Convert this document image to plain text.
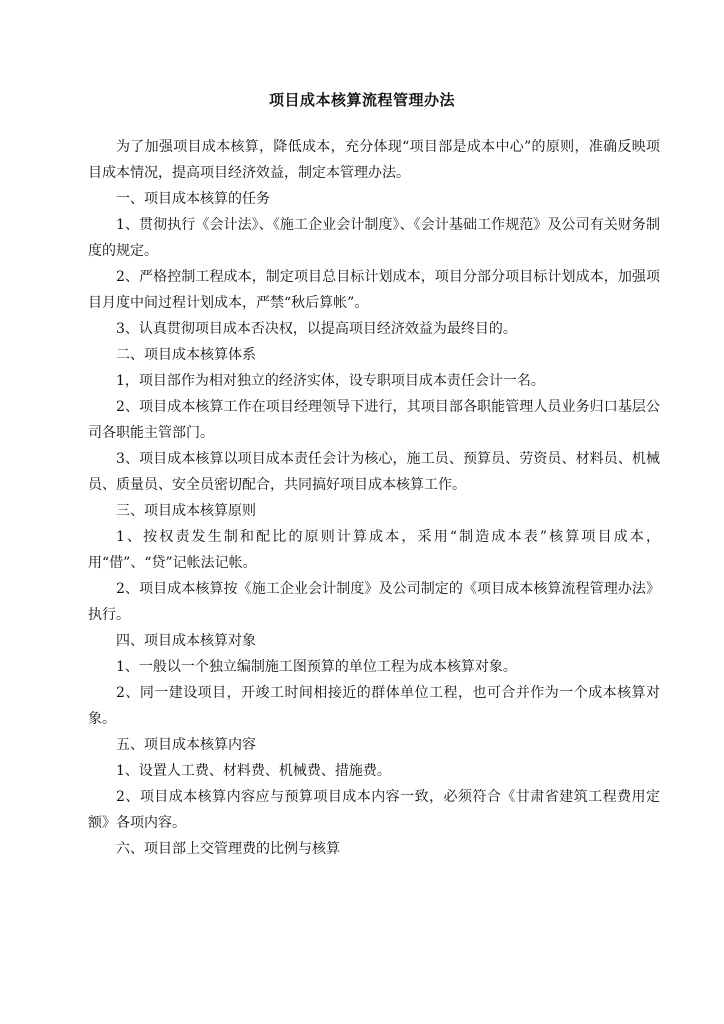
项目成本核算流程管理办法

为了加强项目成本核算，降低成本，充分体现“项目部是成本中心”的原则，准确反映项目成本情况，提高项目经济效益，制定本管理办法。

一、项目成本核算的任务

1、贯彻执行《会计法》、《施工企业会计制度》、《会计基础工作规范》及公司有关财务制度的规定。

2、严格控制工程成本，制定项目总目标计划成本，项目分部分项目标计划成本，加强项目月度中间过程计划成本，严禁“秋后算帐”。

3、认真贯彻项目成本否决权，以提高项目经济效益为最终目的。

二、项目成本核算体系

1，项目部作为相对独立的经济实体，设专职项目成本责任会计一名。

2、项目成本核算工作在项目经理领导下进行，其项目部各职能管理人员业务归口基层公司各职能主管部门。

3、项目成本核算以项目成本责任会计为核心，施工员、预算员、劳资员、材料员、机械员、质量员、安全员密切配合，共同搞好项目成本核算工作。

三、项目成本核算原则

1、按权责发生制和配比的原则计算成本，采用“制造成本表”核算项目成本，用“借”、“贷”记帐法记帐。

2、项目成本核算按《施工企业会计制度》及公司制定的《项目成本核算流程管理办法》执行。

四、项目成本核算对象

1、一般以一个独立编制施工图预算的单位工程为成本核算对象。

2、同一建设项目，开竣工时间相接近的群体单位工程，也可合并作为一个成本核算对象。

五、项目成本核算内容

1、设置人工费、材料费、机械费、措施费。

2、项目成本核算内容应与预算项目成本内容一致，必须符合《甘肃省建筑工程费用定额》各项内容。

六、项目部上交管理费的比例与核算
